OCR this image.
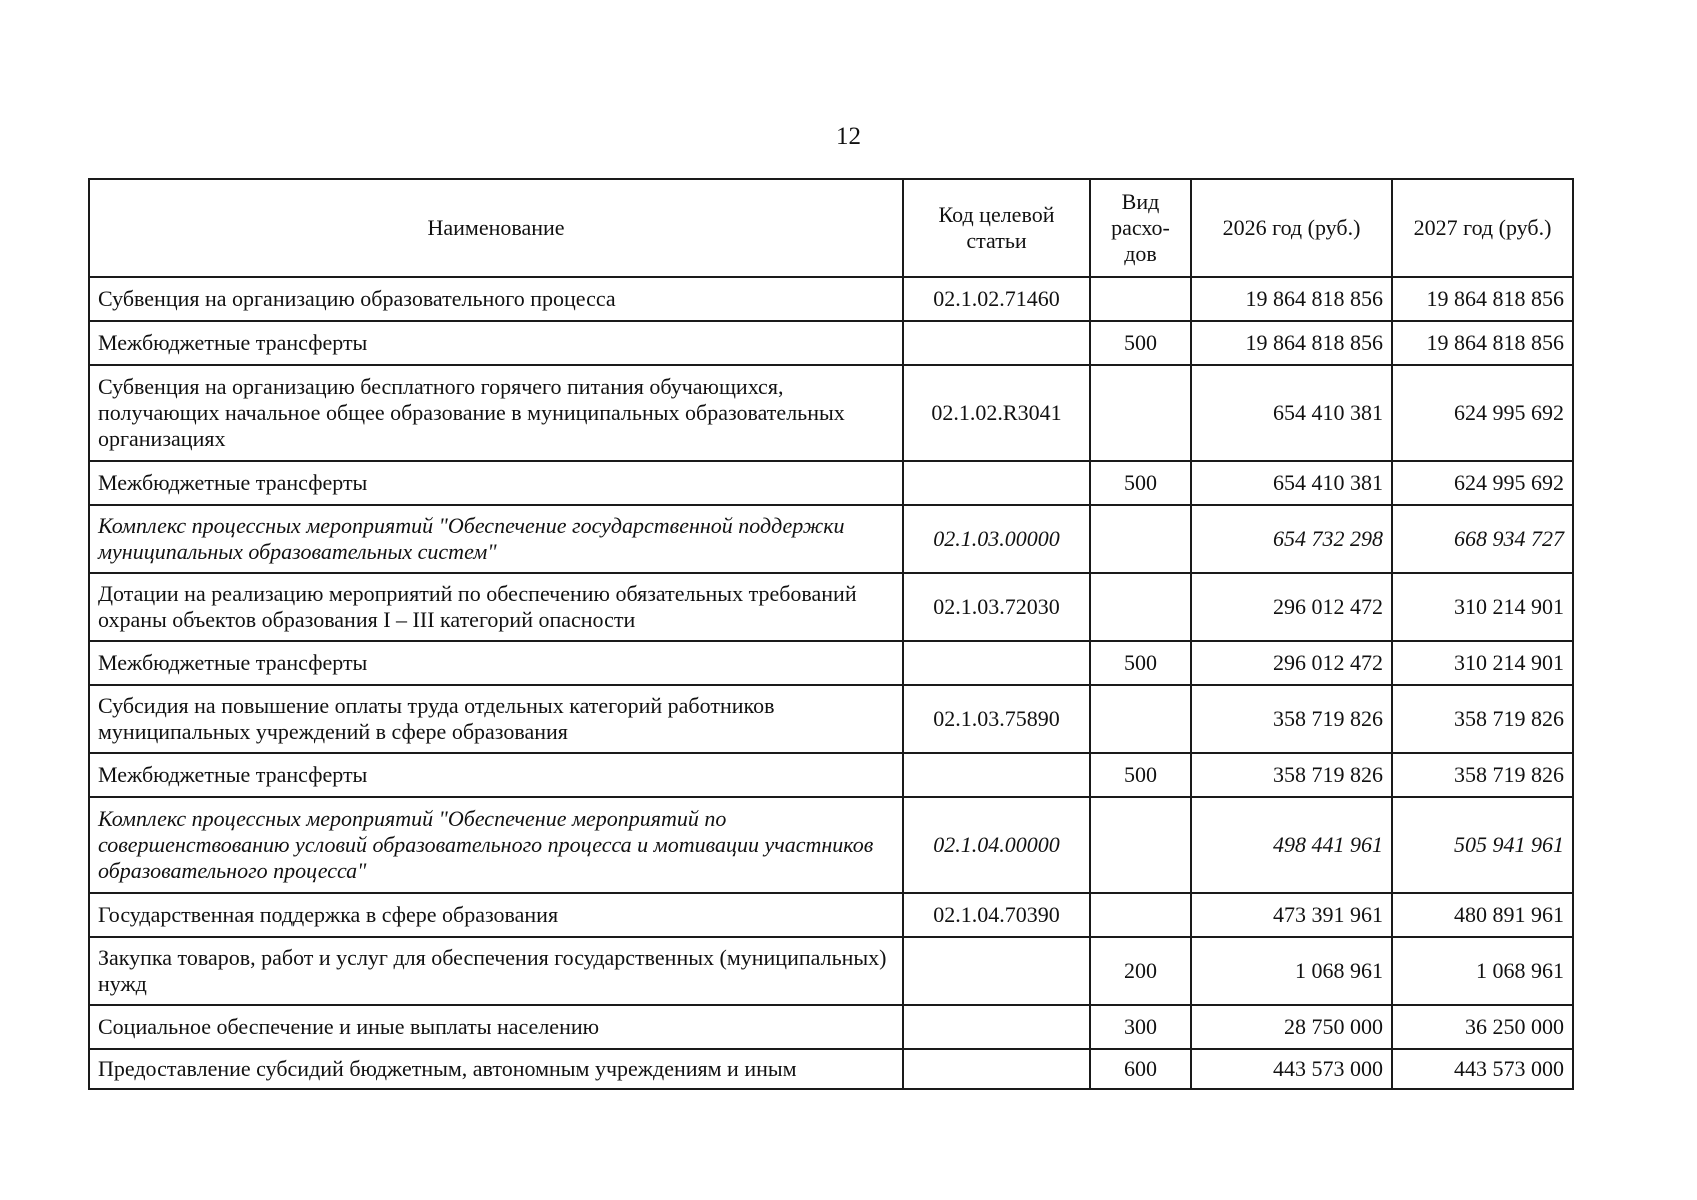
12
Наименование	Код целевой статьи	Вид расхо-дов	2026 год (руб.)	2027 год (руб.)
Субвенция на организацию образовательного процесса	02.1.02.71460		19 864 818 856	19 864 818 856
Межбюджетные трансферты		500	19 864 818 856	19 864 818 856
Субвенция на организацию бесплатного горячего питания обучающихся, получающих начальное общее образование в муниципальных образовательных организациях	02.1.02.R3041		654 410 381	624 995 692
Межбюджетные трансферты		500	654 410 381	624 995 692
Комплекс процессных мероприятий "Обеспечение государственной поддержки муниципальных образовательных систем"	02.1.03.00000		654 732 298	668 934 727
Дотации на реализацию мероприятий по обеспечению обязательных требований охраны объектов образования I – III категорий опасности	02.1.03.72030		296 012 472	310 214 901
Межбюджетные трансферты		500	296 012 472	310 214 901
Субсидия на повышение оплаты труда отдельных категорий работников муниципальных учреждений в сфере образования	02.1.03.75890		358 719 826	358 719 826
Межбюджетные трансферты		500	358 719 826	358 719 826
Комплекс процессных мероприятий "Обеспечение мероприятий по совершенствованию условий образовательного процесса и мотивации участников образовательного процесса"	02.1.04.00000		498 441 961	505 941 961
Государственная поддержка в сфере образования	02.1.04.70390		473 391 961	480 891 961
Закупка товаров, работ и услуг для обеспечения государственных (муниципальных) нужд		200	1 068 961	1 068 961
Социальное обеспечение и иные выплаты населению		300	28 750 000	36 250 000
Предоставление субсидий бюджетным, автономным учреждениям и иным		600	443 573 000	443 573 000
